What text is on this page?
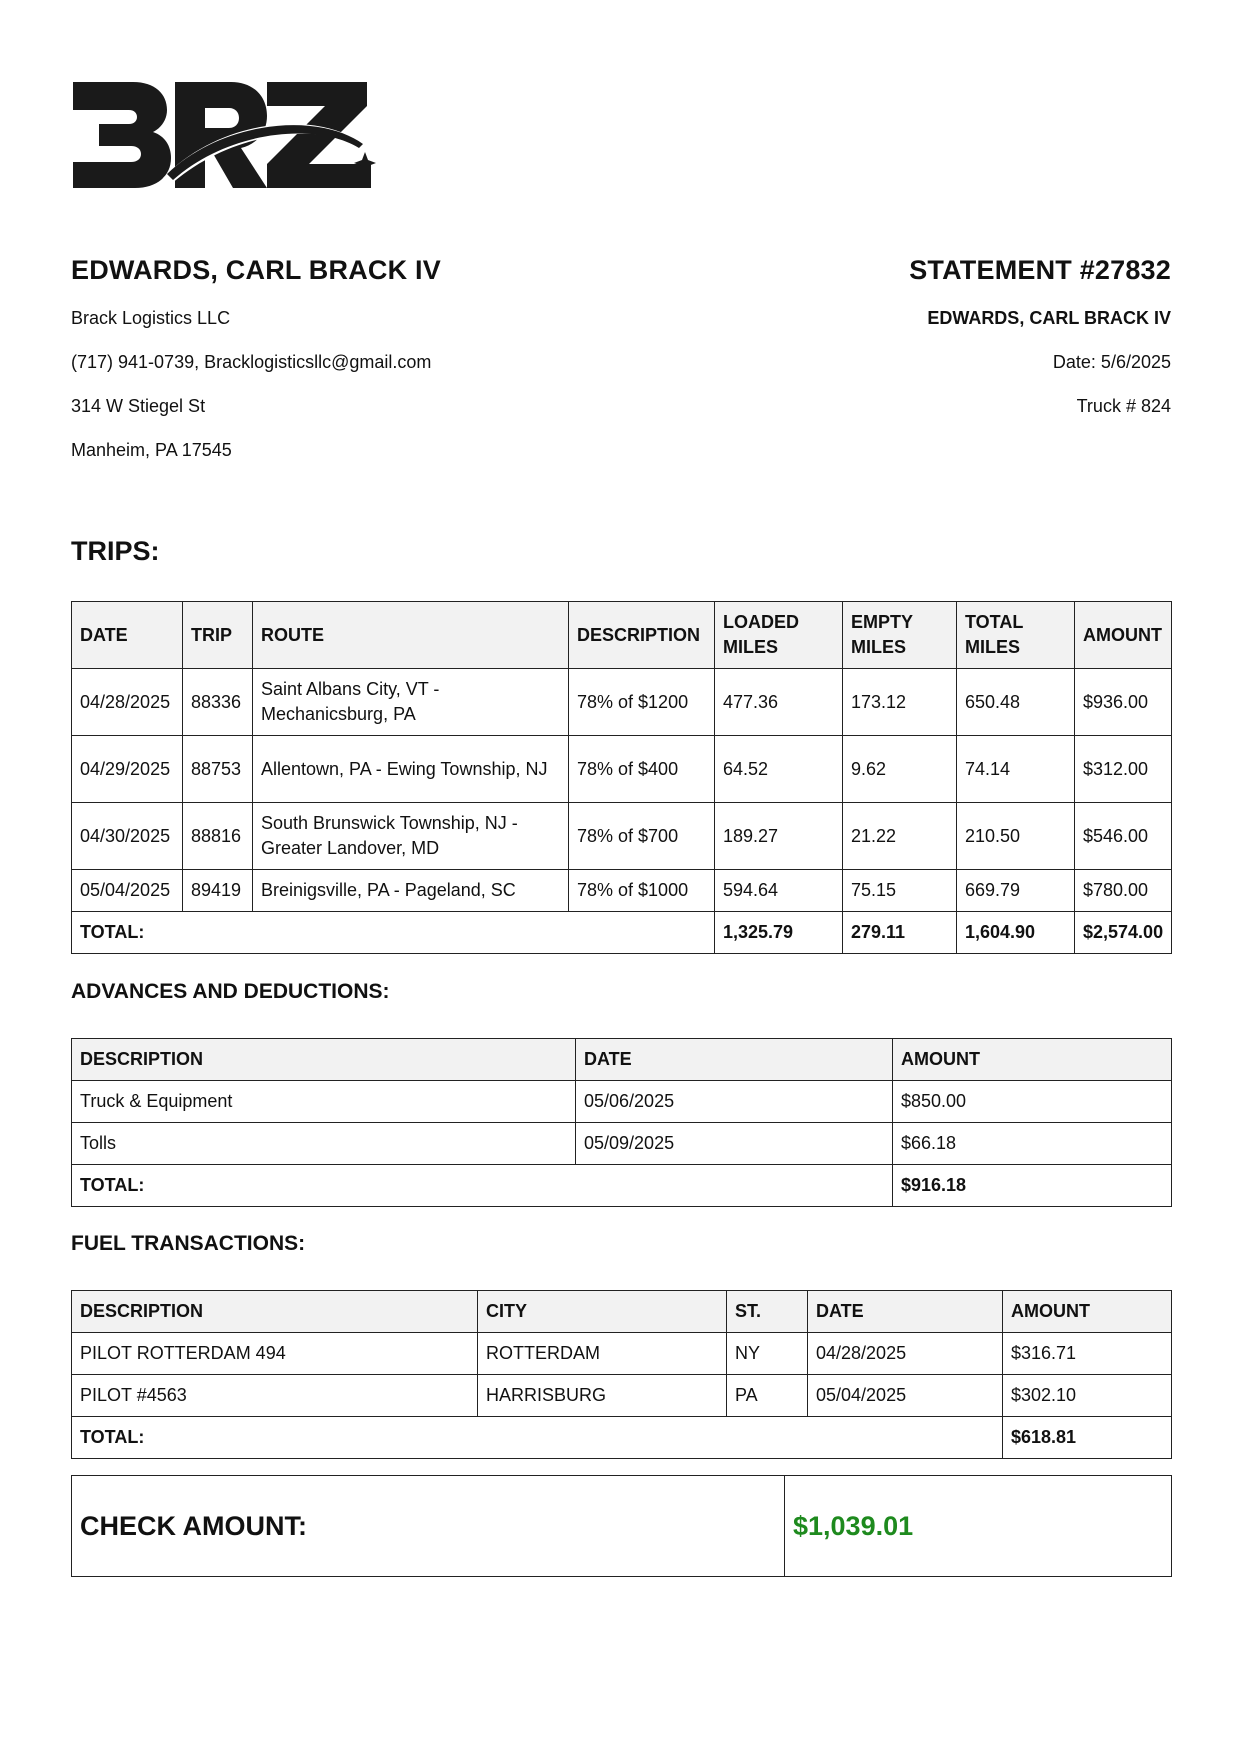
EDWARDS, CARL BRACK IV
Brack Logistics LLC
(717) 941-0739, Bracklogisticsllc@gmail.com
314 W Stiegel St
Manheim, PA 17545
STATEMENT #27832
EDWARDS, CARL BRACK IV
Date: 5/6/2025
Truck # 824
TRIPS:
DATE	TRIP	ROUTE	DESCRIPTION	LOADED MILES	EMPTY MILES	TOTAL MILES	AMOUNT
04/28/2025	88336	Saint Albans City, VT - Mechanicsburg, PA	78% of $1200	477.36	173.12	650.48	$936.00
04/29/2025	88753	Allentown, PA - Ewing Township, NJ	78% of $400	64.52	9.62	74.14	$312.00
04/30/2025	88816	South Brunswick Township, NJ - Greater Landover, MD	78% of $700	189.27	21.22	210.50	$546.00
05/04/2025	89419	Breinigsville, PA - Pageland, SC	78% of $1000	594.64	75.15	669.79	$780.00
TOTAL:				1,325.79	279.11	1,604.90	$2,574.00
ADVANCES AND DEDUCTIONS:
DESCRIPTION	DATE	AMOUNT
Truck & Equipment	05/06/2025	$850.00
Tolls	05/09/2025	$66.18
TOTAL:		$916.18
FUEL TRANSACTIONS:
DESCRIPTION	CITY	ST.	DATE	AMOUNT
PILOT ROTTERDAM 494	ROTTERDAM	NY	04/28/2025	$316.71
PILOT #4563	HARRISBURG	PA	05/04/2025	$302.10
TOTAL:				$618.81
CHECK AMOUNT:	$1,039.01
